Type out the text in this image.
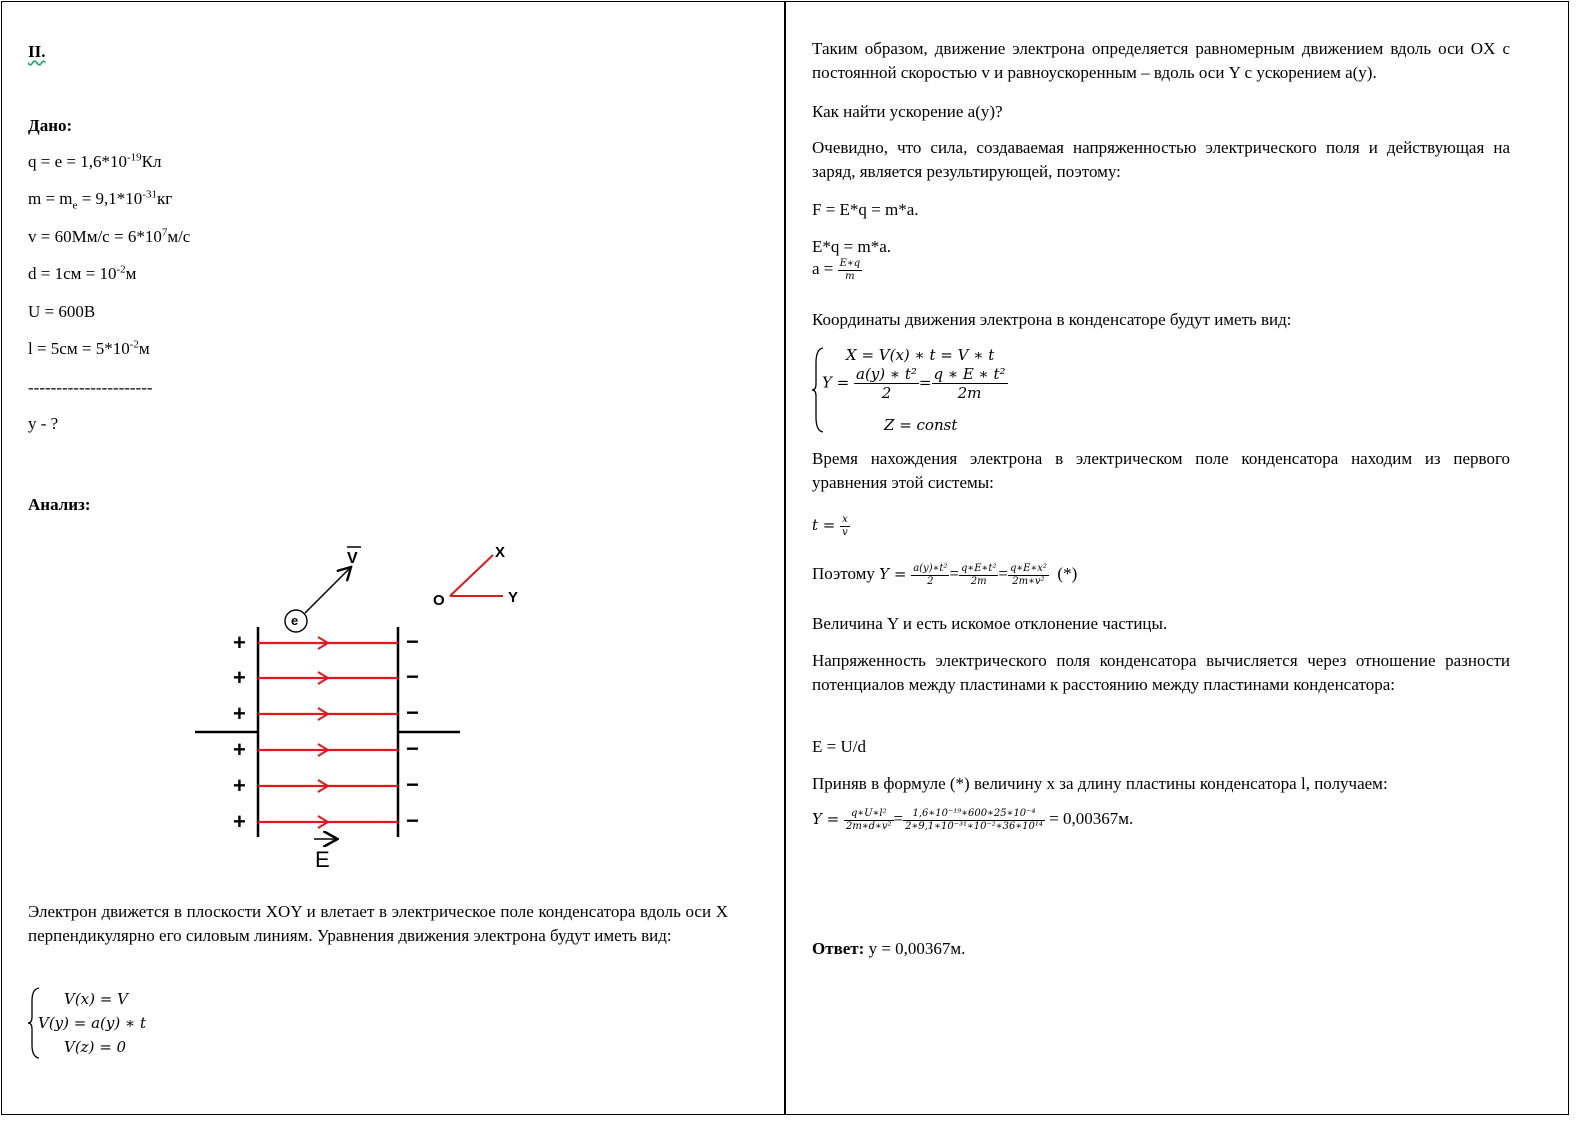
II.
Дано:
$q = e = 1,6*10^{-19}Кл$
$m = m_e = 9,1*10^{-31}кг$
$v = 60Мм/с = 6*10^7м/с$
$d = 1см = 10^{-2}м$
U = 600В
$l = 5см = 5*10^{-2}м$
----------------------
y - ?
Анализ:
V
e
X
Y
O
E
+	−
+	−
+	−
+	−
+	−
+	−
Электрон движется в плоскости XOY и влетает в электрическое поле конденсатора вдоль оси X перпендикулярно его силовым линиям. Уравнения движения электрона будут иметь вид:
V(x) = V
V(y) = a(y) ∗ t
V(z) = 0
Таким образом, движение электрона определяется равномерным движением вдоль оси OX с постоянной скоростью v и равноускоренным – вдоль оси Y с ускорением a(y).
Как найти ускорение a(y)?
Очевидно, что сила, создаваемая напряженностью электрического поля и действующая на заряд, является результирующей, поэтому:
F = E*q = m*a.
E*q = m*a.
$a = \frac{E∗q}{m}$
Координаты движения электрона в конденсаторе будут иметь вид:
X = V(x) ∗ t = V ∗ t
$Y = \frac{\text{a(y) ∗ t²}}{2} = \frac{\text{q ∗ E ∗ t²}}{2m}$
Z = const
Время нахождения электрона в электрическом поле конденсатора находим из первого уравнения этой системы:
$t = \frac{x}{v}$
Поэтому $Y = \frac{\text{a(y)∗t²}}{2} = \frac{\text{q∗E∗t²}}{2m} = \frac{\text{q∗E∗x²}}{\text{2m∗v²}}$ (*)
Величина Y и есть искомое отклонение частицы.
Напряженность электрического поля конденсатора вычисляется через отношение разности потенциалов между пластинами к расстоянию между пластинами конденсатора:
E = U/d
Приняв в формуле (*) величину x за длину пластины конденсатора l, получаем:
$Y = \frac{\text{q∗U∗l²}}{\text{2m∗d∗v²}} = \frac{\text{1,6∗10⁻¹⁹∗600∗25∗10⁻⁴}}{\text{2∗9,1∗10⁻³¹∗10⁻²∗36∗10¹⁴}} = 0,00367м$.
Ответ: y = 0,00367м.
